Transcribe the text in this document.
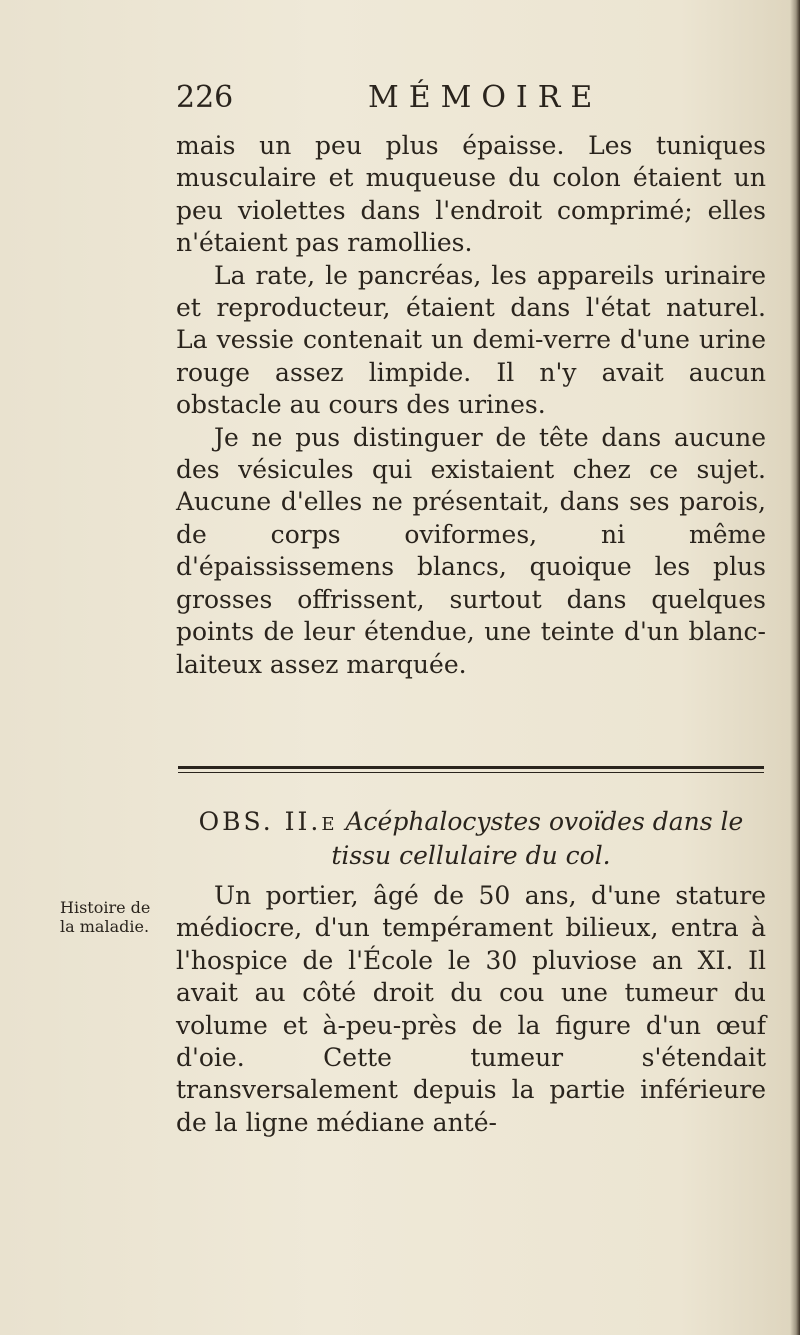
226	MÉMOIRE

mais un peu plus épaisse. Les tuniques musculaire et muqueuse du colon étaient un peu violettes dans l'endroit comprimé; elles n'étaient pas ramollies.

La rate, le pancréas, les appareils urinaire et reproducteur, étaient dans l'état naturel. La vessie contenait un demi-verre d'une urine rouge assez limpide. Il n'y avait aucun obstacle au cours des urines.

Je ne pus distinguer de tête dans aucune des vésicules qui existaient chez ce sujet. Aucune d'elles ne présentait, dans ses parois, de corps oviformes, ni même d'épaississemens blancs, quoique les plus grosses offrissent, surtout dans quelques points de leur étendue, une teinte d'un blanc-laiteux assez marquée.

OBS. II.e Acéphalocystes ovoïdes dans le tissu cellulaire du col.
Histoire de la maladie.

Un portier, âgé de 50 ans, d'une stature médiocre, d'un tempérament bilieux, entra à l'hospice de l'École le 30 pluviose an XI. Il avait au côté droit du cou une tumeur du volume et à-peu-près de la figure d'un œuf d'oie. Cette tumeur s'étendait transversalement depuis la partie inférieure de la ligne médiane anté-
